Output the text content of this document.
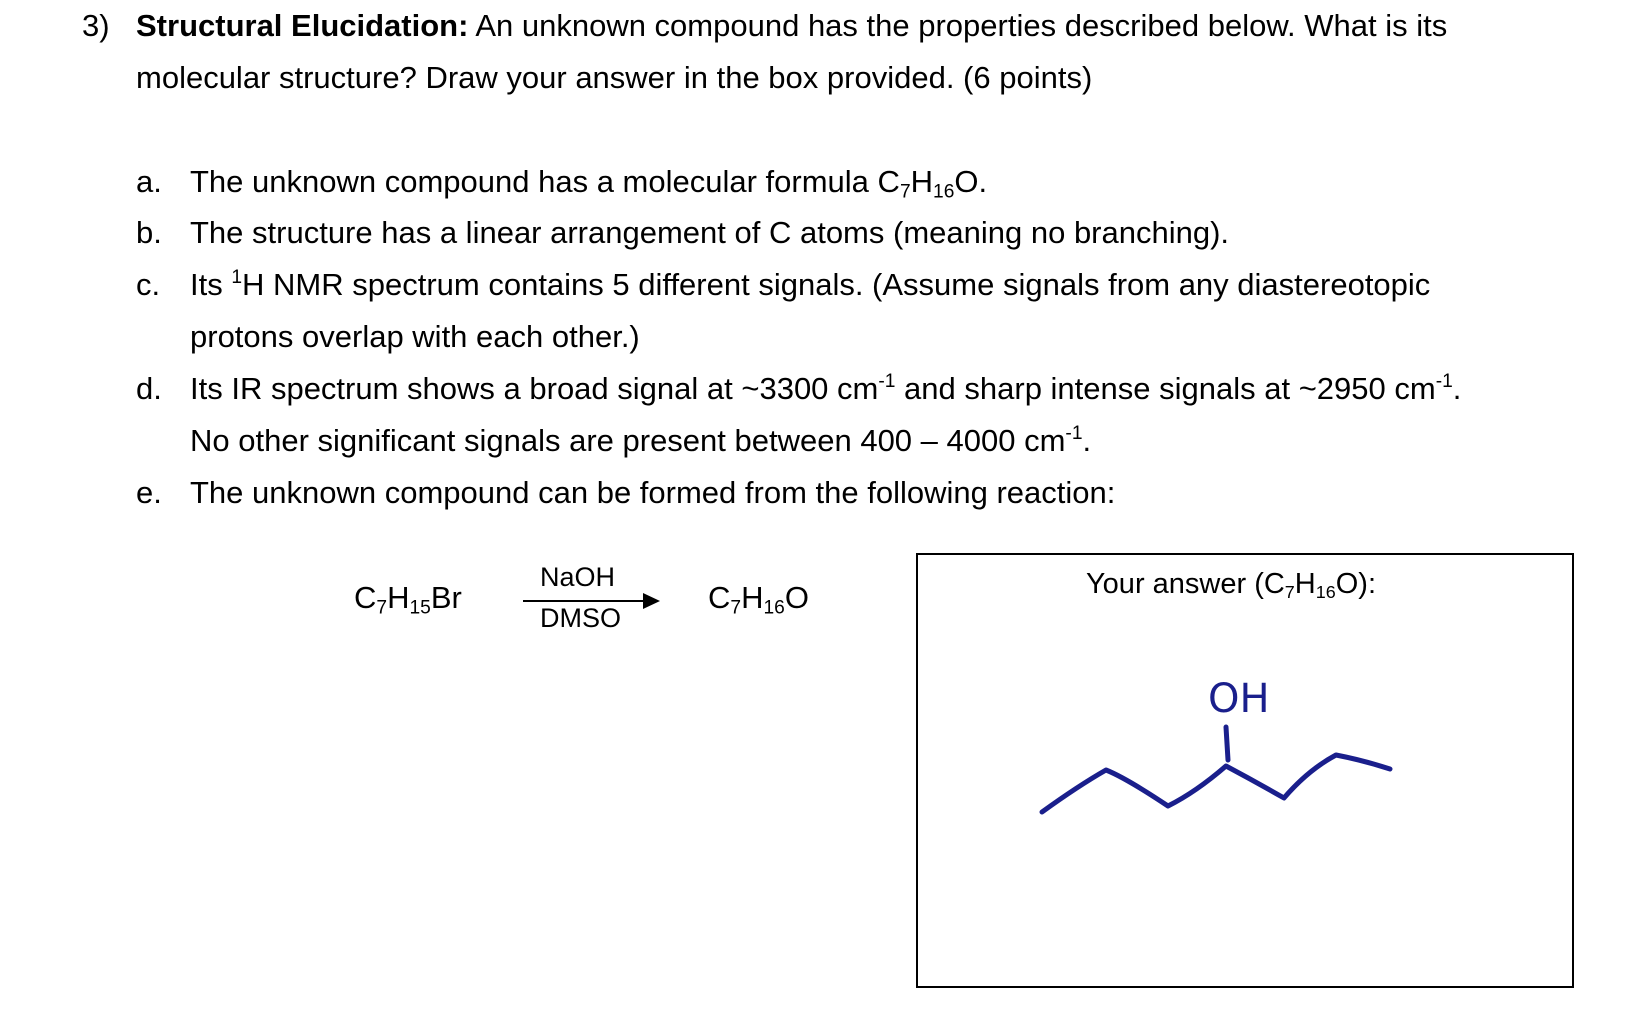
3) Structural Elucidation: An unknown compound has the properties described below. What is its
molecular structure? Draw your answer in the box provided. (6 points)
a. The unknown compound has a molecular formula $C_7H_{16}O$.
b. The structure has a linear arrangement of C atoms (meaning no branching).
c. Its $^1$H NMR spectrum contains 5 different signals. (Assume signals from any diastereotopic
protons overlap with each other.)
d. Its IR spectrum shows a broad signal at ~3300 $cm^{-1}$ and sharp intense signals at ~2950 $cm^{-1}$.
No other significant signals are present between 400 – 4000 $cm^{-1}$.
e. The unknown compound can be formed from the following reaction:
$C_7H_{15}Br$
NaOH
DMSO
$C_7H_{16}O$	Your answer $(C_7H_{16}O)$:
OH
